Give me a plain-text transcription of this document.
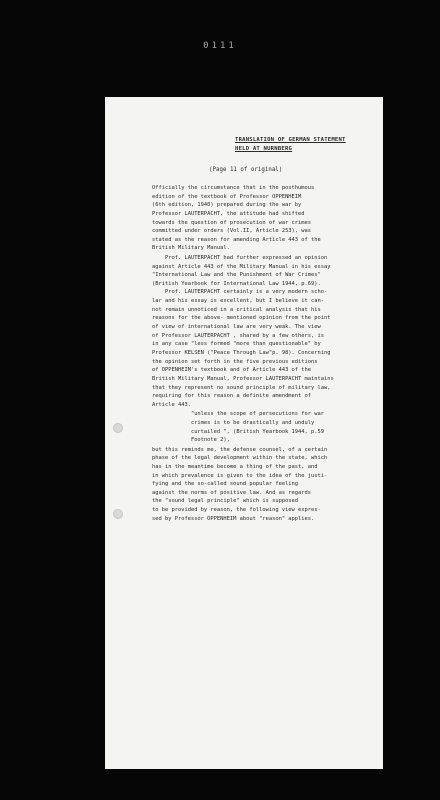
0111
TRANSLATION OF GERMAN STATEMENT
HELD AT NURNBERG
(Page 11 of original)
Officially the circumstance that in the posthumous
edition of the textbook of Professor OPPENHEIM
(6th edition, 1940) prepared during the war by
Professor LAUTERPACHT, the attitude had shifted
towards the question of prosecution of war crimes
committed under orders (Vol.II, Article 253), was
stated as the reason for amending Article 443 of the
British Military Manual.
Prof. LAUTERPACHT had further expressed an opinion
against Article 443 of the Military Manual in his essay
"International Law and the Punishment of War Crimes"
(British Yearbook for International Law 1944, p.69).
Prof. LAUTERPACHT certainly is a very modern scho-
lar and his essay is excellent, but I believe it can-
not remain unnoticed in a critical analysis that his
reasons for the above- mentioned opinion from the point
of view of international law are very weak. The view
of Professor LAUTERPACHT , shared by a few others, is
in any case "less formed "more than questionable" by
Professor KELSEN ("Peace Through Law"p. 98). Concerning
the opinion set forth in the five previous editions
of OPPENHEIM's textbook and of Article 443 of the
British Military Manual, Professor LAUTERPACHT maintains
that they represent no sound principle of military law,
requiring for this reason a definite amendment of
Article 443.
"unless the scope of persecutions for war
crimes is to be drastically and unduly
curtailed ", (British Yearbook 1944, p.59
Footnote 2),
but this reminds me, the defense counsel, of a certain
phase of the legal development within the state, which
has in the meantime become a thing of the past, and
in which prevalence is given to the idea of the justi-
fying and the so-called sound popular feeling
against the norms of positive law. And as regards
the "sound legal principle" which is supposed
to be provided by reason, the following view expres-
sed by Professor OPPENHEIM about "reason" applies.
